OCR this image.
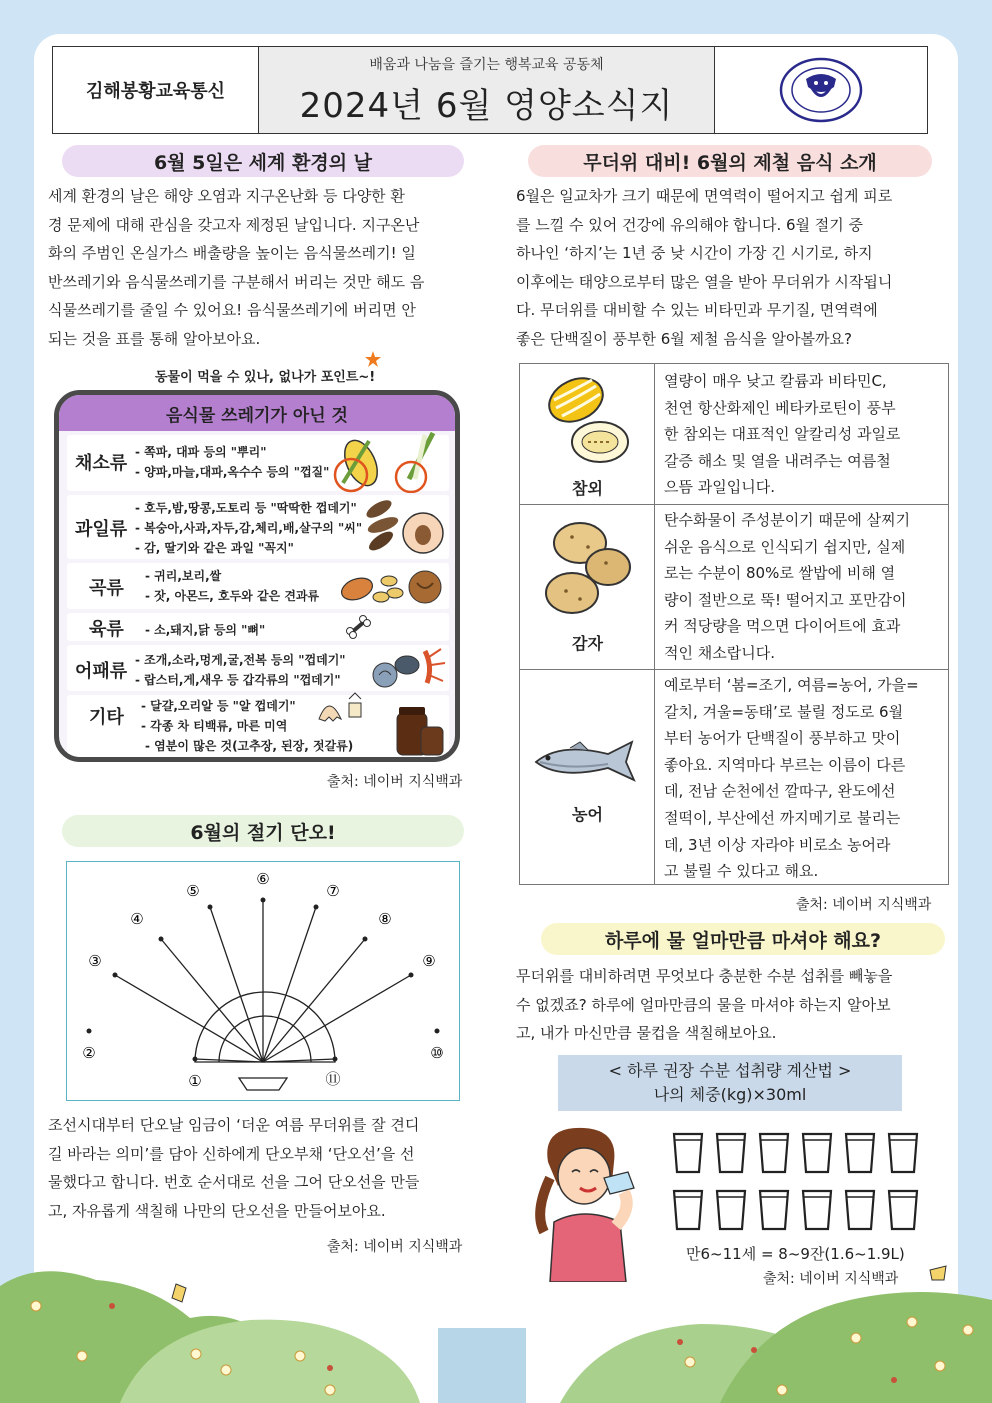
김해봉황교육통신
배움과 나눔을 즐기는 행복교육 공동체
2024년 6월 영양소식지
6월 5일은 세계 환경의 날
세계 환경의 날은 해양 오염과 지구온난화 등 다양한 환
경 문제에 대해 관심을 갖고자 제정된 날입니다. 지구온난
화의 주범인 온실가스 배출량을 높이는 음식물쓰레기! 일
반쓰레기와 음식물쓰레기를 구분해서 버리는 것만 해도 음
식물쓰레기를 줄일 수 있어요! 음식물쓰레기에 버리면 안
되는 것을 표를 통해 알아보아요.
동물이 먹을 수 있나, 없나가 포인트~!
음식물 쓰레기가 아닌 것
채소류
- 쪽파, 대파 등의 "뿌리"
- 양파,마늘,대파,옥수수 등의 "껍질"
과일류
- 호두,밤,땅콩,도토리 등 "딱딱한 껍데기"
- 복숭아,사과,자두,감,체리,배,살구의 "씨"
- 감, 딸기와 같은 과일 "꼭지"
곡류
- 귀리,보리,쌀
- 잣, 아몬드, 호두와 같은 견과류
육류 - 소,돼지,닭 등의 "뼈"
어패류
- 조개,소라,멍게,굴,전복 등의 "껍데기"
- 랍스터,게,새우 등 갑각류의 "껍데기"
기타
- 달걀,오리알 등 "알 껍데기"
- 각종 차 티백류, 마른 미역
- 염분이 많은 것(고추장, 된장, 젓갈류)
출처: 네이버 지식백과
6월의 절기 단오!
①
②
③
④
⑤
⑥
⑦
⑧
⑨
⑩
⑪
조선시대부터 단오날 임금이 ‘더운 여름 무더위를 잘 견디
길 바라는 의미’를 담아 신하에게 단오부채 ‘단오선’을 선
물했다고 합니다. 번호 순서대로 선을 그어 단오선을 만들
고, 자유롭게 색칠해 나만의 단오선을 만들어보아요.
출처: 네이버 지식백과
무더위 대비! 6월의 제철 음식 소개
6월은 일교차가 크기 때문에 면역력이 떨어지고 쉽게 피로
를 느낄 수 있어 건강에 유의해야 합니다. 6월 절기 중
하나인 ‘하지’는 1년 중 낮 시간이 가장 긴 시기로, 하지
이후에는 태양으로부터 많은 열을 받아 무더위가 시작됩니
다. 무더위를 대비할 수 있는 비타민과 무기질, 면역력에
좋은 단백질이 풍부한 6월 제철 음식을 알아볼까요?
참외
열량이 매우 낮고 칼륨과 비타민C,
천연 항산화제인 베타카로틴이 풍부
한 참외는 대표적인 알칼리성 과일로
갈증 해소 및 열을 내려주는 여름철
으뜸 과일입니다.
감자
탄수화물이 주성분이기 때문에 살찌기
쉬운 음식으로 인식되기 쉽지만, 실제
로는 수분이 80%로 쌀밥에 비해 열
량이 절반으로 뚝! 떨어지고 포만감이
커 적당량을 먹으면 다이어트에 효과
적인 채소랍니다.
농어
예로부터 ‘봄=조기, 여름=농어, 가을=
갈치, 겨울=동태’로 불릴 정도로 6월
부터 농어가 단백질이 풍부하고 맛이
좋아요. 지역마다 부르는 이름이 다른
데, 전남 순천에선 깔따구, 완도에선
절떡이, 부산에선 까지메기로 불리는
데, 3년 이상 자라야 비로소 농어라
고 불릴 수 있다고 해요.
출처: 네이버 지식백과
하루에 물 얼마만큼 마셔야 해요?
무더위를 대비하려면 무엇보다 충분한 수분 섭취를 빼놓을
수 없겠죠? 하루에 얼마만큼의 물을 마셔야 하는지 알아보
고, 내가 마신만큼 물컵을 색칠해보아요.
< 하루 권장 수분 섭취량 계산법 >
나의 체중(kg)×30ml
만6~11세 = 8~9잔(1.6~1.9L)
출처: 네이버 지식백과
